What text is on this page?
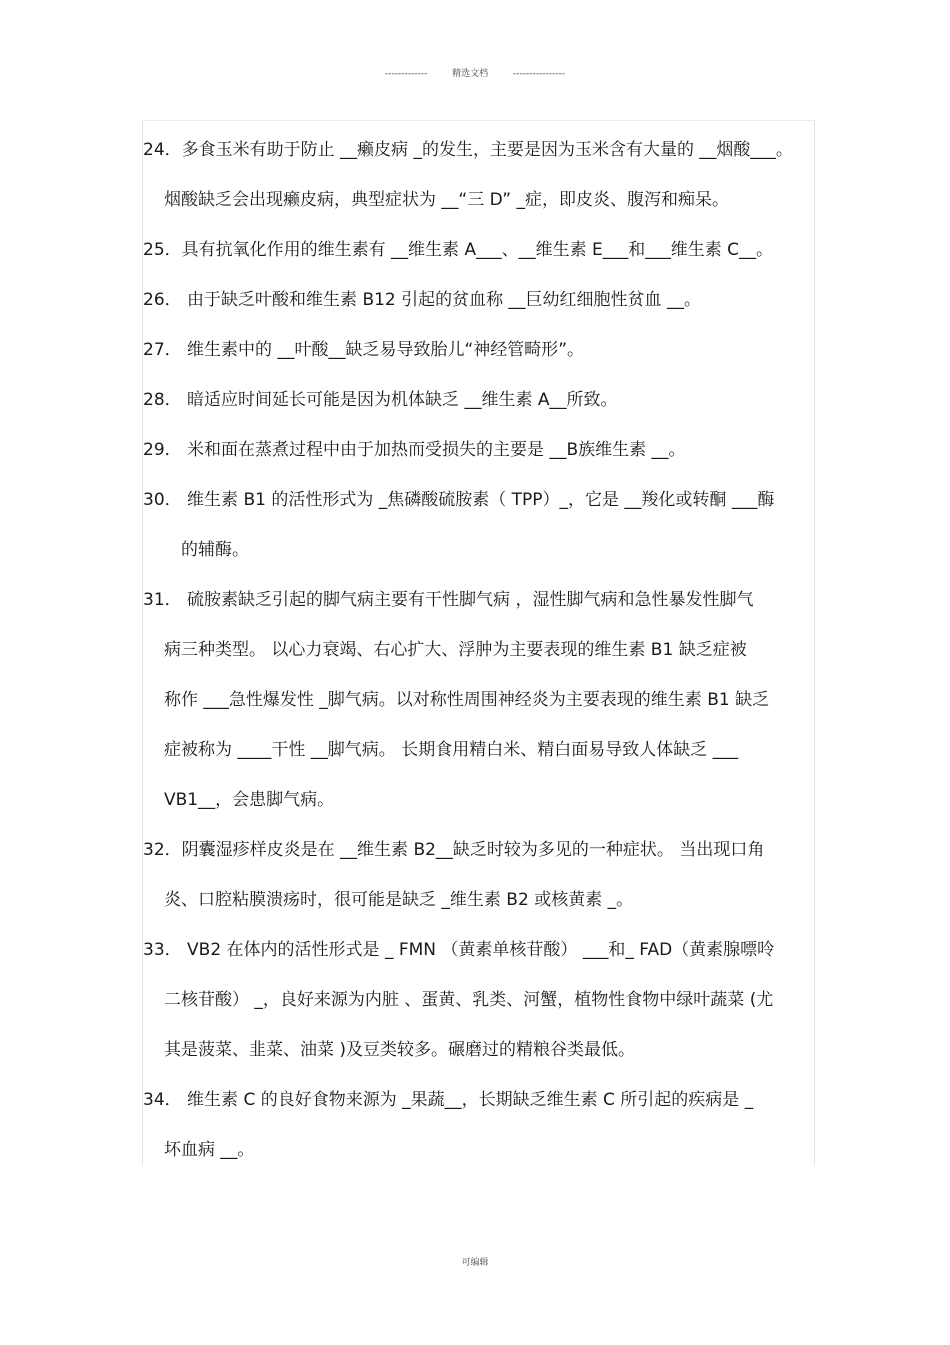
-------------	精选文档	----------------
24．多食玉米有助于防止 __癞皮病 _的发生，主要是因为玉米含有大量的 __烟酸___。
烟酸缺乏会出现癞皮病，典型症状为 __“三 D” _症，即皮炎、腹泻和痴呆。
25．具有抗氧化作用的维生素有 __维生素 A___、__维生素 E___和___维生素 C__。
26． 由于缺乏叶酸和维生素 B12 引起的贫血称 __巨幼红细胞性贫血 __。
27． 维生素中的 __叶酸__缺乏易导致胎儿“神经管畸形”。
28． 暗适应时间延长可能是因为机体缺乏 __维生素 A__所致。
29． 米和面在蒸煮过程中由于加热而受损失的主要是 __B族维生素 __。
30． 维生素 B1 的活性形式为 _焦磷酸硫胺素（ TPP）_，它是 __羧化或转酮 ___酶
的辅酶。
31． 硫胺素缺乏引起的脚气病主要有干性脚气病 ，湿性脚气病和急性暴发性脚气
病三种类型。 以心力衰竭、右心扩大、浮肿为主要表现的维生素 B1 缺乏症被
称作 ___急性爆发性 _脚气病。以对称性周围神经炎为主要表现的维生素 B1 缺乏
症被称为 ____干性 __脚气病。 长期食用精白米、精白面易导致人体缺乏 ___
VB1__，会患脚气病。
32．阴囊湿疹样皮炎是在 __维生素 B2__缺乏时较为多见的一种症状。 当出现口角
炎、口腔粘膜溃疡时，很可能是缺乏 _维生素 B2 或核黄素 _。
33． VB2 在体内的活性形式是 _ FMN （黄素单核苷酸） ___和_ FAD（黄素腺嘌呤
二核苷酸） _，良好来源为内脏 、蛋黄、乳类、河蟹，植物性食物中绿叶蔬菜 (尤
其是菠菜、韭菜、油菜 )及豆类较多。碾磨过的精粮谷类最低。
34． 维生素 C 的良好食物来源为 _果蔬__，长期缺乏维生素 C 所引起的疾病是 _
坏血病 __。
可编辑
